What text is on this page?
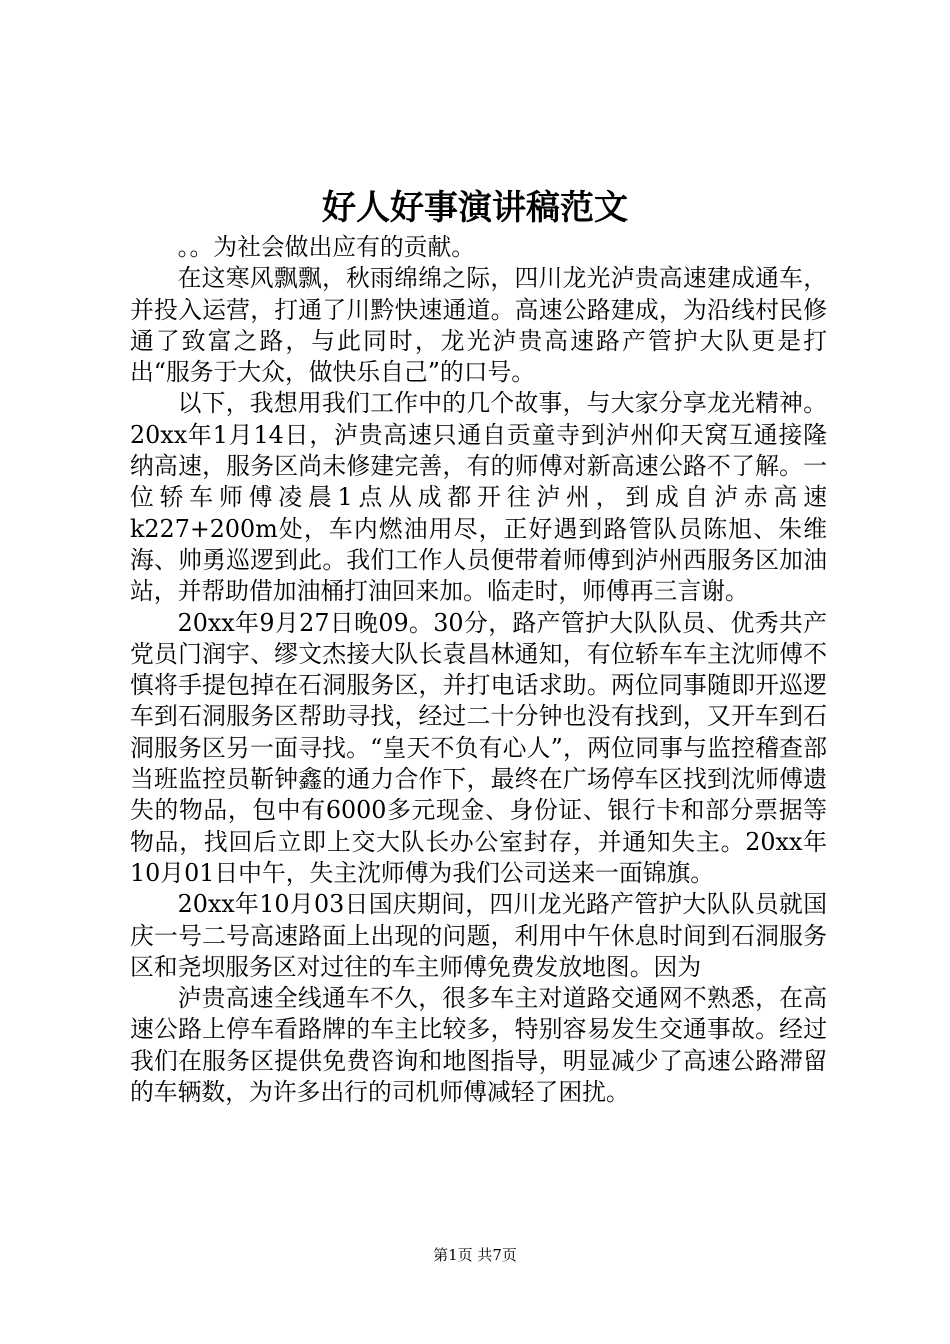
好人好事演讲稿范文

。。为社会做出应有的贡献。

在这寒风飘飘，秋雨绵绵之际，四川龙光泸贵高速建成通车，并投入运营，打通了川黔快速通道。高速公路建成，为沿线村民修通了致富之路，与此同时，龙光泸贵高速路产管护大队更是打出“服务于大众，做快乐自己”的口号。

以下，我想用我们工作中的几个故事，与大家分享龙光精神。20xx年1月14日，泸贵高速只通自贡童寺到泸州仰天窝互通接隆纳高速，服务区尚未修建完善，有的师傅对新高速公路不了解。一位轿车师傅凌晨1点从成都开往泸州，到成自泸赤高速k227+200m处，车内燃油用尽，正好遇到路管队员陈旭、朱维海、帅勇巡逻到此。我们工作人员便带着师傅到泸州西服务区加油站，并帮助借加油桶打油回来加。临走时，师傅再三言谢。

20xx年9月27日晚09。30分，路产管护大队队员、优秀共产党员门润宇、缪文杰接大队长袁昌林通知，有位轿车车主沈师傅不慎将手提包掉在石洞服务区，并打电话求助。两位同事随即开巡逻车到石洞服务区帮助寻找，经过二十分钟也没有找到，又开车到石洞服务区另一面寻找。“皇天不负有心人”，两位同事与监控稽查部当班监控员靳钟鑫的通力合作下，最终在广场停车区找到沈师傅遗失的物品，包中有6000多元现金、身份证、银行卡和部分票据等物品，找回后立即上交大队长办公室封存，并通知失主。20xx年10月01日中午，失主沈师傅为我们公司送来一面锦旗。

20xx年10月03日国庆期间，四川龙光路产管护大队队员就国庆一号二号高速路面上出现的问题，利用中午休息时间到石洞服务区和尧坝服务区对过往的车主师傅免费发放地图。因为

泸贵高速全线通车不久，很多车主对道路交通网不熟悉，在高速公路上停车看路牌的车主比较多，特别容易发生交通事故。经过我们在服务区提供免费咨询和地图指导，明显减少了高速公路滞留的车辆数，为许多出行的司机师傅减轻了困扰。

第1页 共7页
